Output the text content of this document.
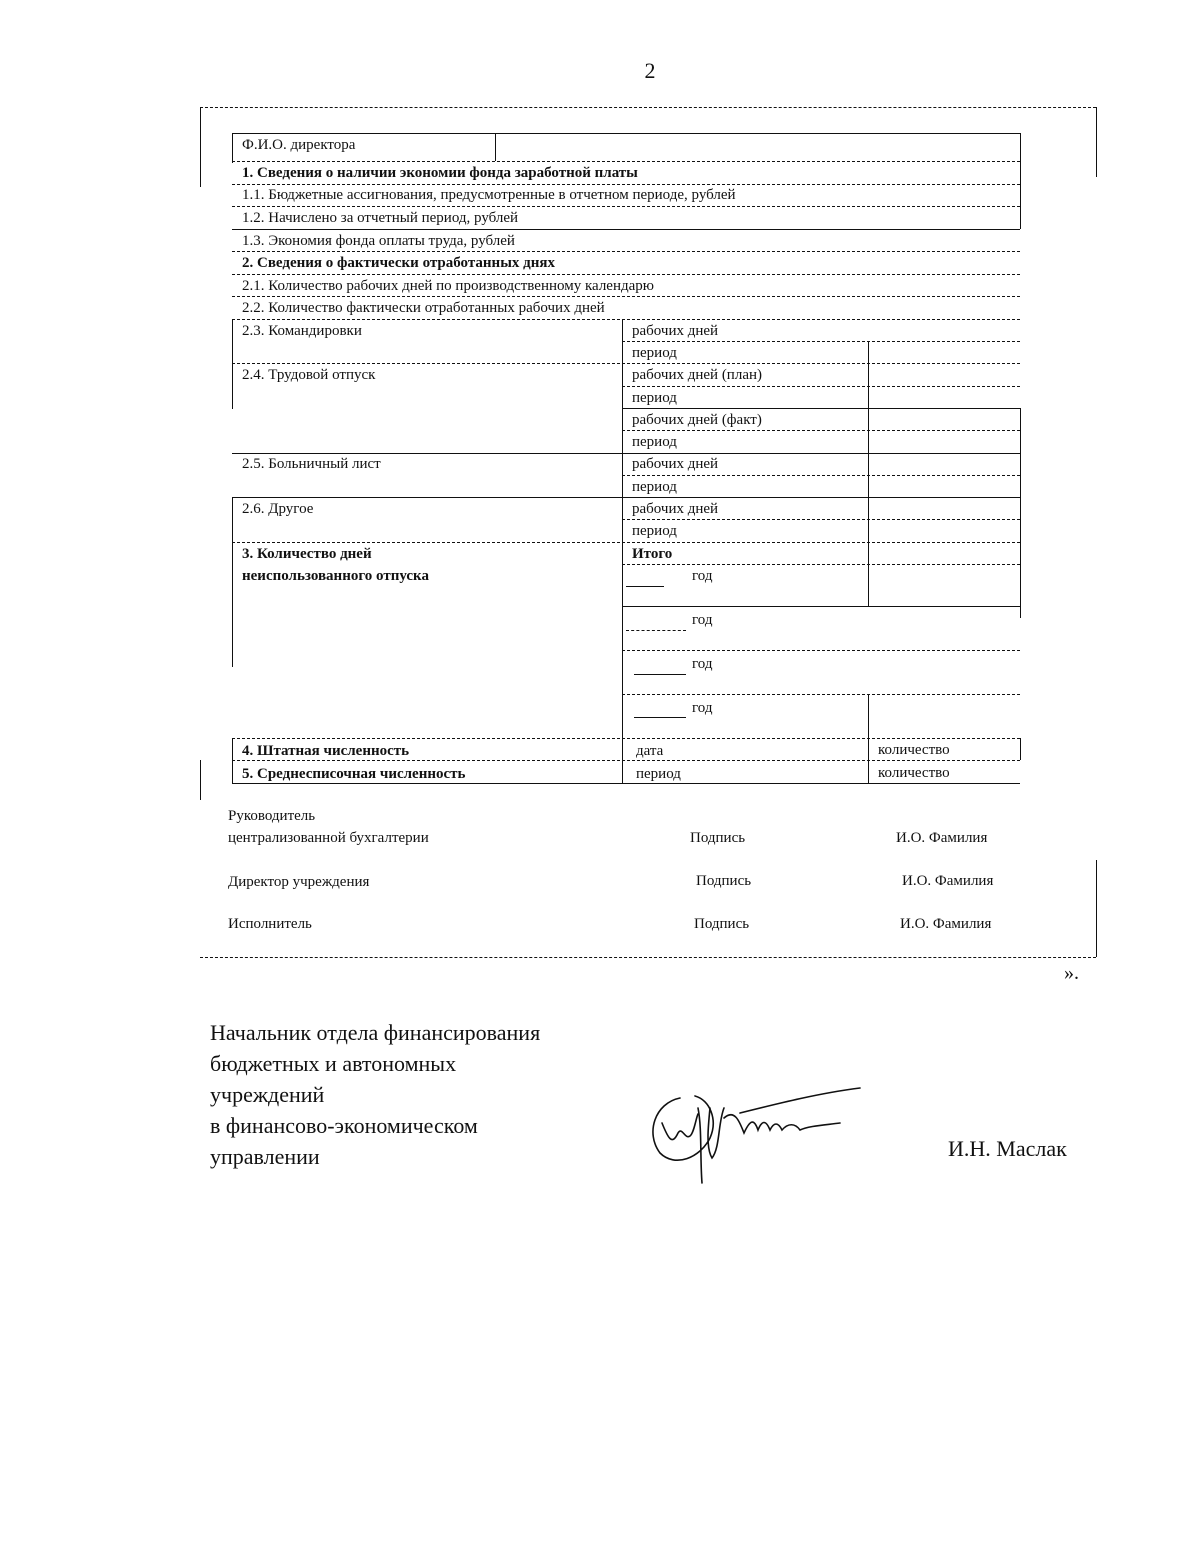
2
Ф.И.О. директора
1. Сведения о наличии экономии фонда заработной платы
1.1. Бюджетные ассигнования, предусмотренные в отчетном периоде, рублей
1.2. Начислено за отчетный период, рублей
1.3. Экономия фонда оплаты труда, рублей
2. Сведения о фактически отработанных днях
2.1. Количество рабочих дней по производственному календарю
2.2. Количество фактически отработанных рабочих дней
2.3. Командировки	рабочих дней
период
2.4. Трудовой отпуск	рабочих дней (план)
период
рабочих дней (факт)
период
2.5. Больничный лист	рабочих дней
период
2.6. Другое	рабочих дней
период
3. Количество дней
неиспользованного отпуска
Итого
год
год
год
год
4. Штатная численность	дата	количество
5. Среднесписочная численность	период	количество
Руководитель
централизованной бухгалтерии	Подпись	И.О. Фамилия
Директор учреждения	Подпись	И.О. Фамилия
Исполнитель	Подпись	И.О. Фамилия
».
Начальник отдела финансирования
бюджетных и автономных
учреждений
в финансово-экономическом
управлении	И.Н. Маслак
